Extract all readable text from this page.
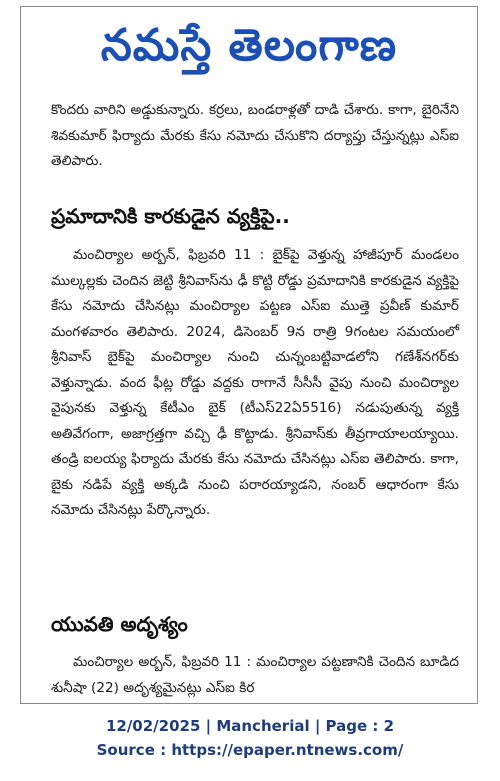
నమస్తే తెలంగాణ

కొందరు వారిని అడ్డుకున్నారు. కర్రలు, బండరాళ్లతో దాడి చేశారు. కాగా, బైరినేని శివకుమార్ ఫిర్యాదు మేరకు కేసు నమోదు చేసుకొని దర్యాప్తు చేస్తున్నట్లు ఎస్‌ఐ తెలిపారు.

ప్రమాదానికి కారకుడైన వ్యక్తిపై..

మంచిర్యాల అర్బన్, ఫిబ్రవరి 11 : బైక్‌పై వెళ్తున్న హాజీపూర్ మండలం ముల్కల్లకు చెందిన జెట్టి శ్రీనివాస్‌ను ఢీ కొట్టి రోడ్డు ప్రమాదానికి కారకుడైన వ్యక్తిపై కేసు నమోదు చేసినట్లు మంచిర్యాల పట్టణ ఎస్‌ఐ ముత్తె ప్రవీణ్ కుమార్ మంగళవారం తెలిపారు. 2024, డిసెంబర్ 9న రాత్రి 9గంటల సమయంలో శ్రీనివాస్ బైక్‌పై మంచిర్యాల నుంచి చున్నంబట్టివాడలోని గణేశ్‌నగర్‌కు వెళ్తున్నాడు. వంద ఫీట్ల రోడ్డు వద్దకు రాగానే సీసీసీ వైపు నుంచి మంచిర్యాల వైపునకు వెళ్తున్న కేటీఎం బైక్ (టీఎస్22ఏ5516) నడుపుతున్న వ్యక్తి అతివేగంగా, అజాగ్రత్తగా వచ్చి ఢీ కొట్టాడు. శ్రీనివాస్‌కు తీవ్రగాయాలయ్యాయి. తండ్రి ఐలయ్య ఫిర్యాదు మేరకు కేసు నమోదు చేసినట్లు ఎస్‌ఐ తెలిపారు. కాగా, బైకు నడిపే వ్యక్తి అక్కడి నుంచి పరారయ్యాడని, నంబర్ ఆధారంగా కేసు నమోదు చేసినట్లు పేర్కొన్నారు.

యువతి అదృశ్యం

మంచిర్యాల అర్బన్, ఫిబ్రవరి 11 : మంచిర్యాల పట్టణానికి చెందిన బూడిద శునీషా (22) అదృశ్యమైనట్లు ఎస్‌ఐ కిర

12/02/2025 | Mancherial | Page : 2
Source : https://epaper.ntnews.com/
